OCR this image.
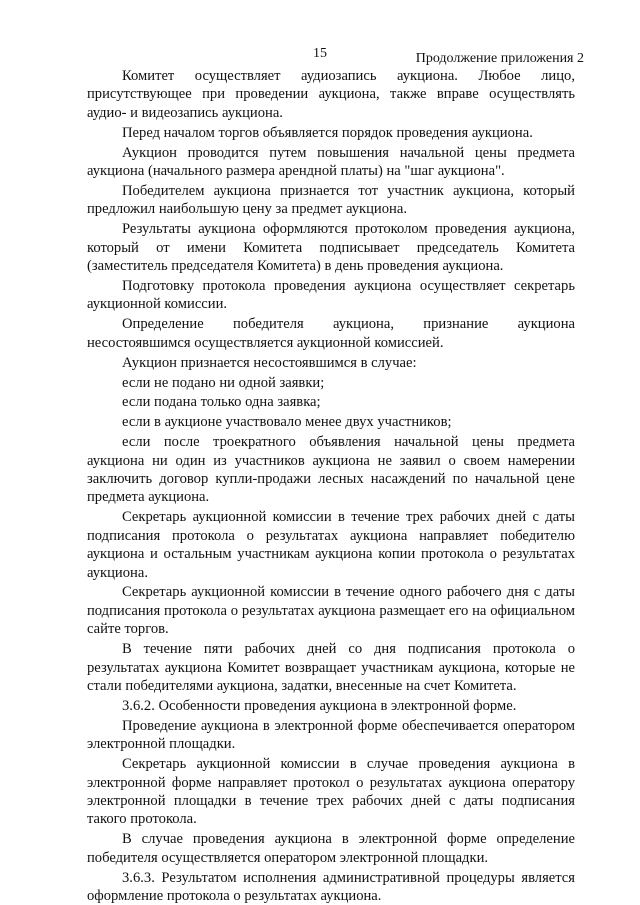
15	Продолжение приложения 2

Комитет осуществляет аудиозапись аукциона. Любое лицо, присутствующее при проведении аукциона, также вправе осуществлять аудио- и видеозапись аукциона.

Перед началом торгов объявляется порядок проведения аукциона.

Аукцион проводится путем повышения начальной цены предмета аукциона (начального размера арендной платы) на "шаг аукциона".

Победителем аукциона признается тот участник аукциона, который предложил наибольшую цену за предмет аукциона.

Результаты аукциона оформляются протоколом проведения аукциона, который от имени Комитета подписывает председатель Комитета (заместитель председателя Комитета) в день проведения аукциона.

Подготовку протокола проведения аукциона осуществляет секретарь аукционной комиссии.

Определение победителя аукциона, признание аукциона несостоявшимся осуществляется аукционной комиссией.

Аукцион признается несостоявшимся в случае:

если не подано ни одной заявки;

если подана только одна заявка;

если в аукционе участвовало менее двух участников;

если после троекратного объявления начальной цены предмета аукциона ни один из участников аукциона не заявил о своем намерении заключить договор купли-продажи лесных насаждений по начальной цене предмета аукциона.

Секретарь аукционной комиссии в течение трех рабочих дней с даты подписания протокола о результатах аукциона направляет победителю аукциона и остальным участникам аукциона копии протокола о результатах аукциона.

Секретарь аукционной комиссии в течение одного рабочего дня с даты подписания протокола о результатах аукциона размещает его на официальном сайте торгов.

В течение пяти рабочих дней со дня подписания протокола о результатах аукциона Комитет возвращает участникам аукциона, которые не стали победителями аукциона, задатки, внесенные на счет Комитета.

3.6.2. Особенности проведения аукциона в электронной форме.

Проведение аукциона в электронной форме обеспечивается оператором электронной площадки.

Секретарь аукционной комиссии в случае проведения аукциона в электронной форме направляет протокол о результатах аукциона оператору электронной площадки в течение трех рабочих дней с даты подписания такого протокола.

В случае проведения аукциона в электронной форме определение победителя осуществляется оператором электронной площадки.

3.6.3. Результатом исполнения административной процедуры является оформление протокола о результатах аукциона.
